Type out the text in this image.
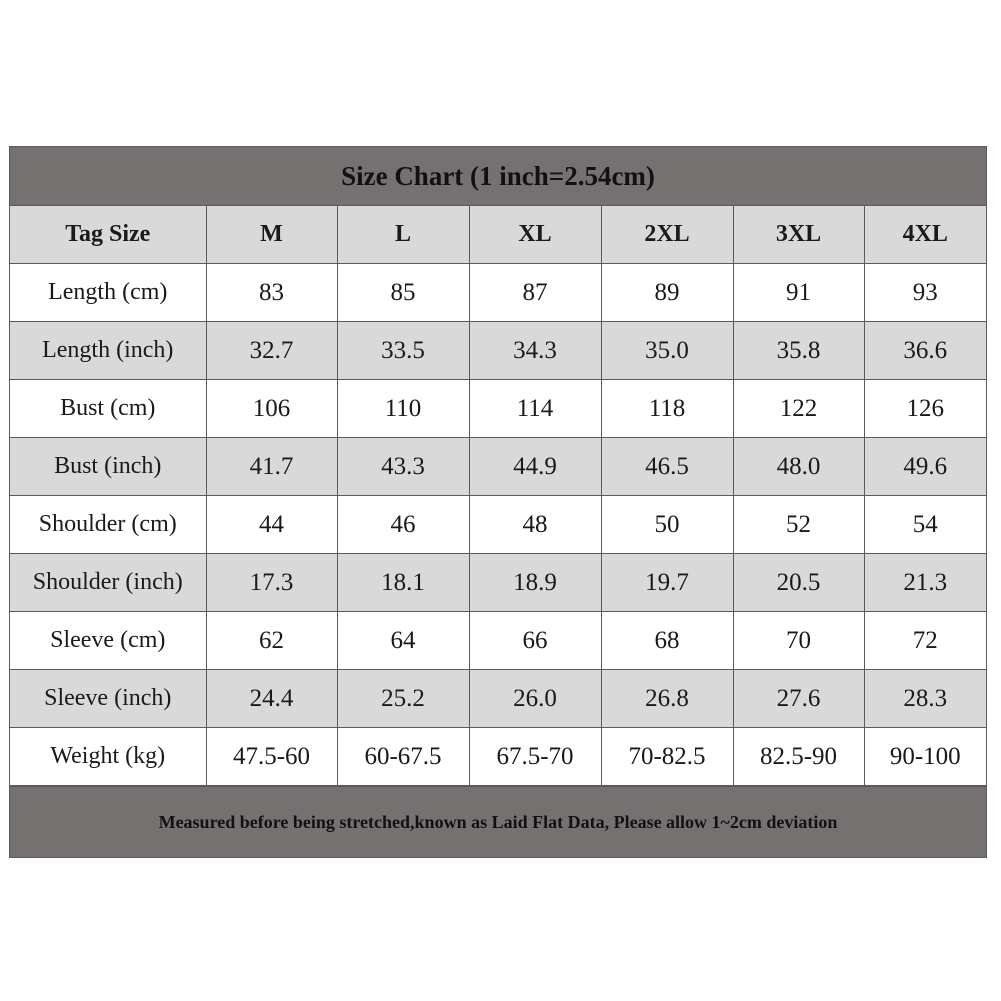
Size Chart (1 inch=2.54cm)
Tag Size	M	L	XL	2XL	3XL	4XL
Length (cm)	83	85	87	89	91	93
Length (inch)	32.7	33.5	34.3	35.0	35.8	36.6
Bust (cm)	106	110	114	118	122	126
Bust (inch)	41.7	43.3	44.9	46.5	48.0	49.6
Shoulder (cm)	44	46	48	50	52	54
Shoulder (inch)	17.3	18.1	18.9	19.7	20.5	21.3
Sleeve (cm)	62	64	66	68	70	72
Sleeve (inch)	24.4	25.2	26.0	26.8	27.6	28.3
Weight (kg)	47.5-60	60-67.5	67.5-70	70-82.5	82.5-90	90-100
Measured before being stretched,known as Laid Flat Data, Please allow 1~2cm deviation
